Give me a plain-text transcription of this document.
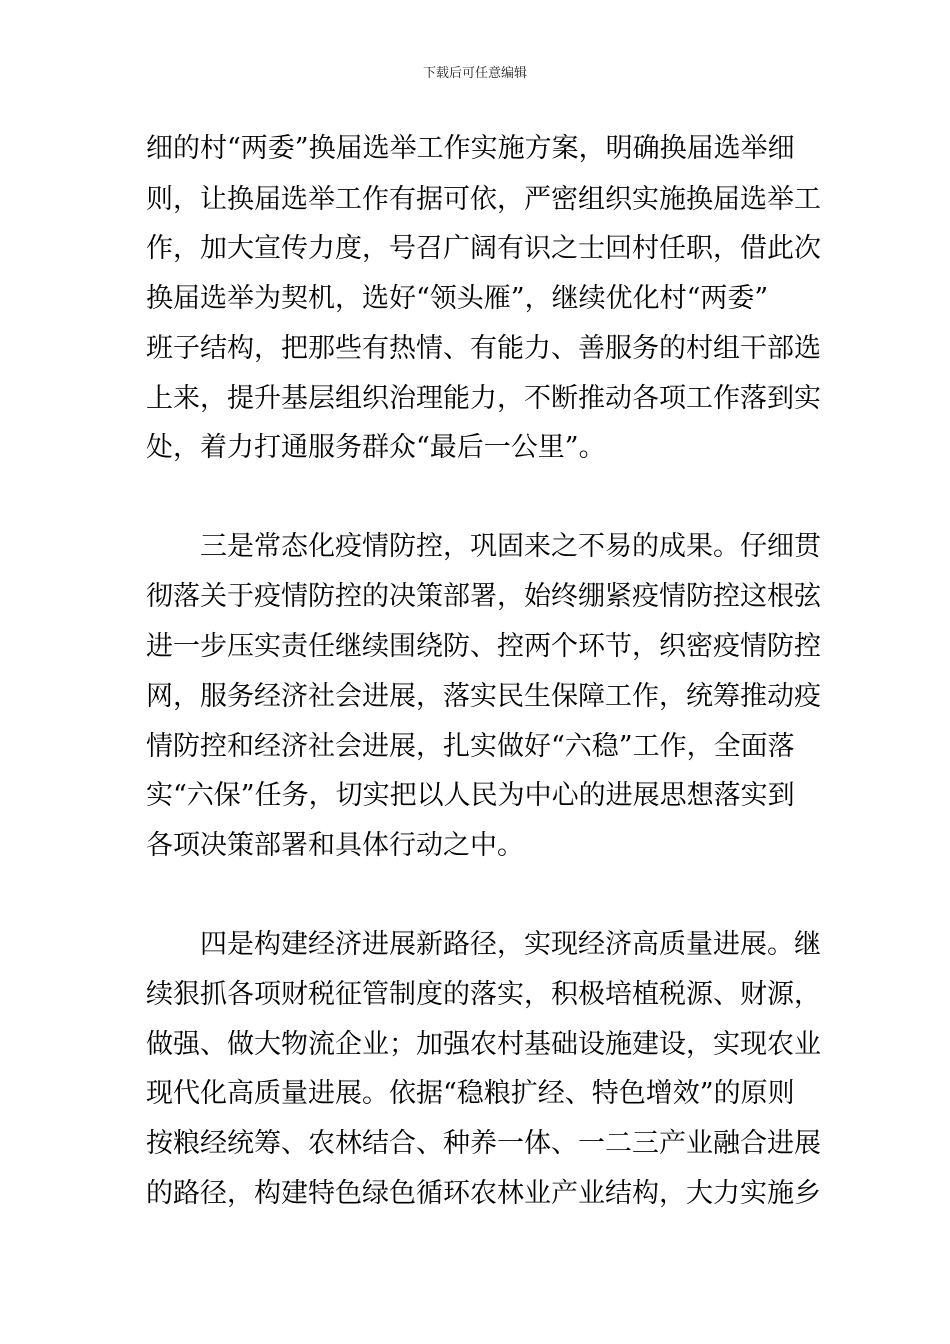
下载后可任意编辑
细的村“两委”换届选举工作实施方案，明确换届选举细
则，让换届选举工作有据可依，严密组织实施换届选举工
作，加大宣传力度，号召广阔有识之士回村任职，借此次
换届选举为契机，选好“领头雁”，继续优化村“两委”
班子结构，把那些有热情、有能力、善服务的村组干部选
上来，提升基层组织治理能力，不断推动各项工作落到实
处，着力打通服务群众“最后一公里”。
　　三是常态化疫情防控，巩固来之不易的成果。仔细贯
彻落关于疫情防控的决策部署，始终绷紧疫情防控这根弦
进一步压实责任继续围绕防、控两个环节，织密疫情防控
网，服务经济社会进展，落实民生保障工作，统筹推动疫
情防控和经济社会进展，扎实做好“六稳”工作，全面落
实“六保”任务，切实把以人民为中心的进展思想落实到
各项决策部署和具体行动之中。
　　四是构建经济进展新路径，实现经济高质量进展。继
续狠抓各项财税征管制度的落实，积极培植税源、财源，
做强、做大物流企业；加强农村基础设施建设，实现农业
现代化高质量进展。依据“稳粮扩经、特色增效”的原则
按粮经统筹、农林结合、种养一体、一二三产业融合进展
的路径，构建特色绿色循环农林业产业结构，大力实施乡
